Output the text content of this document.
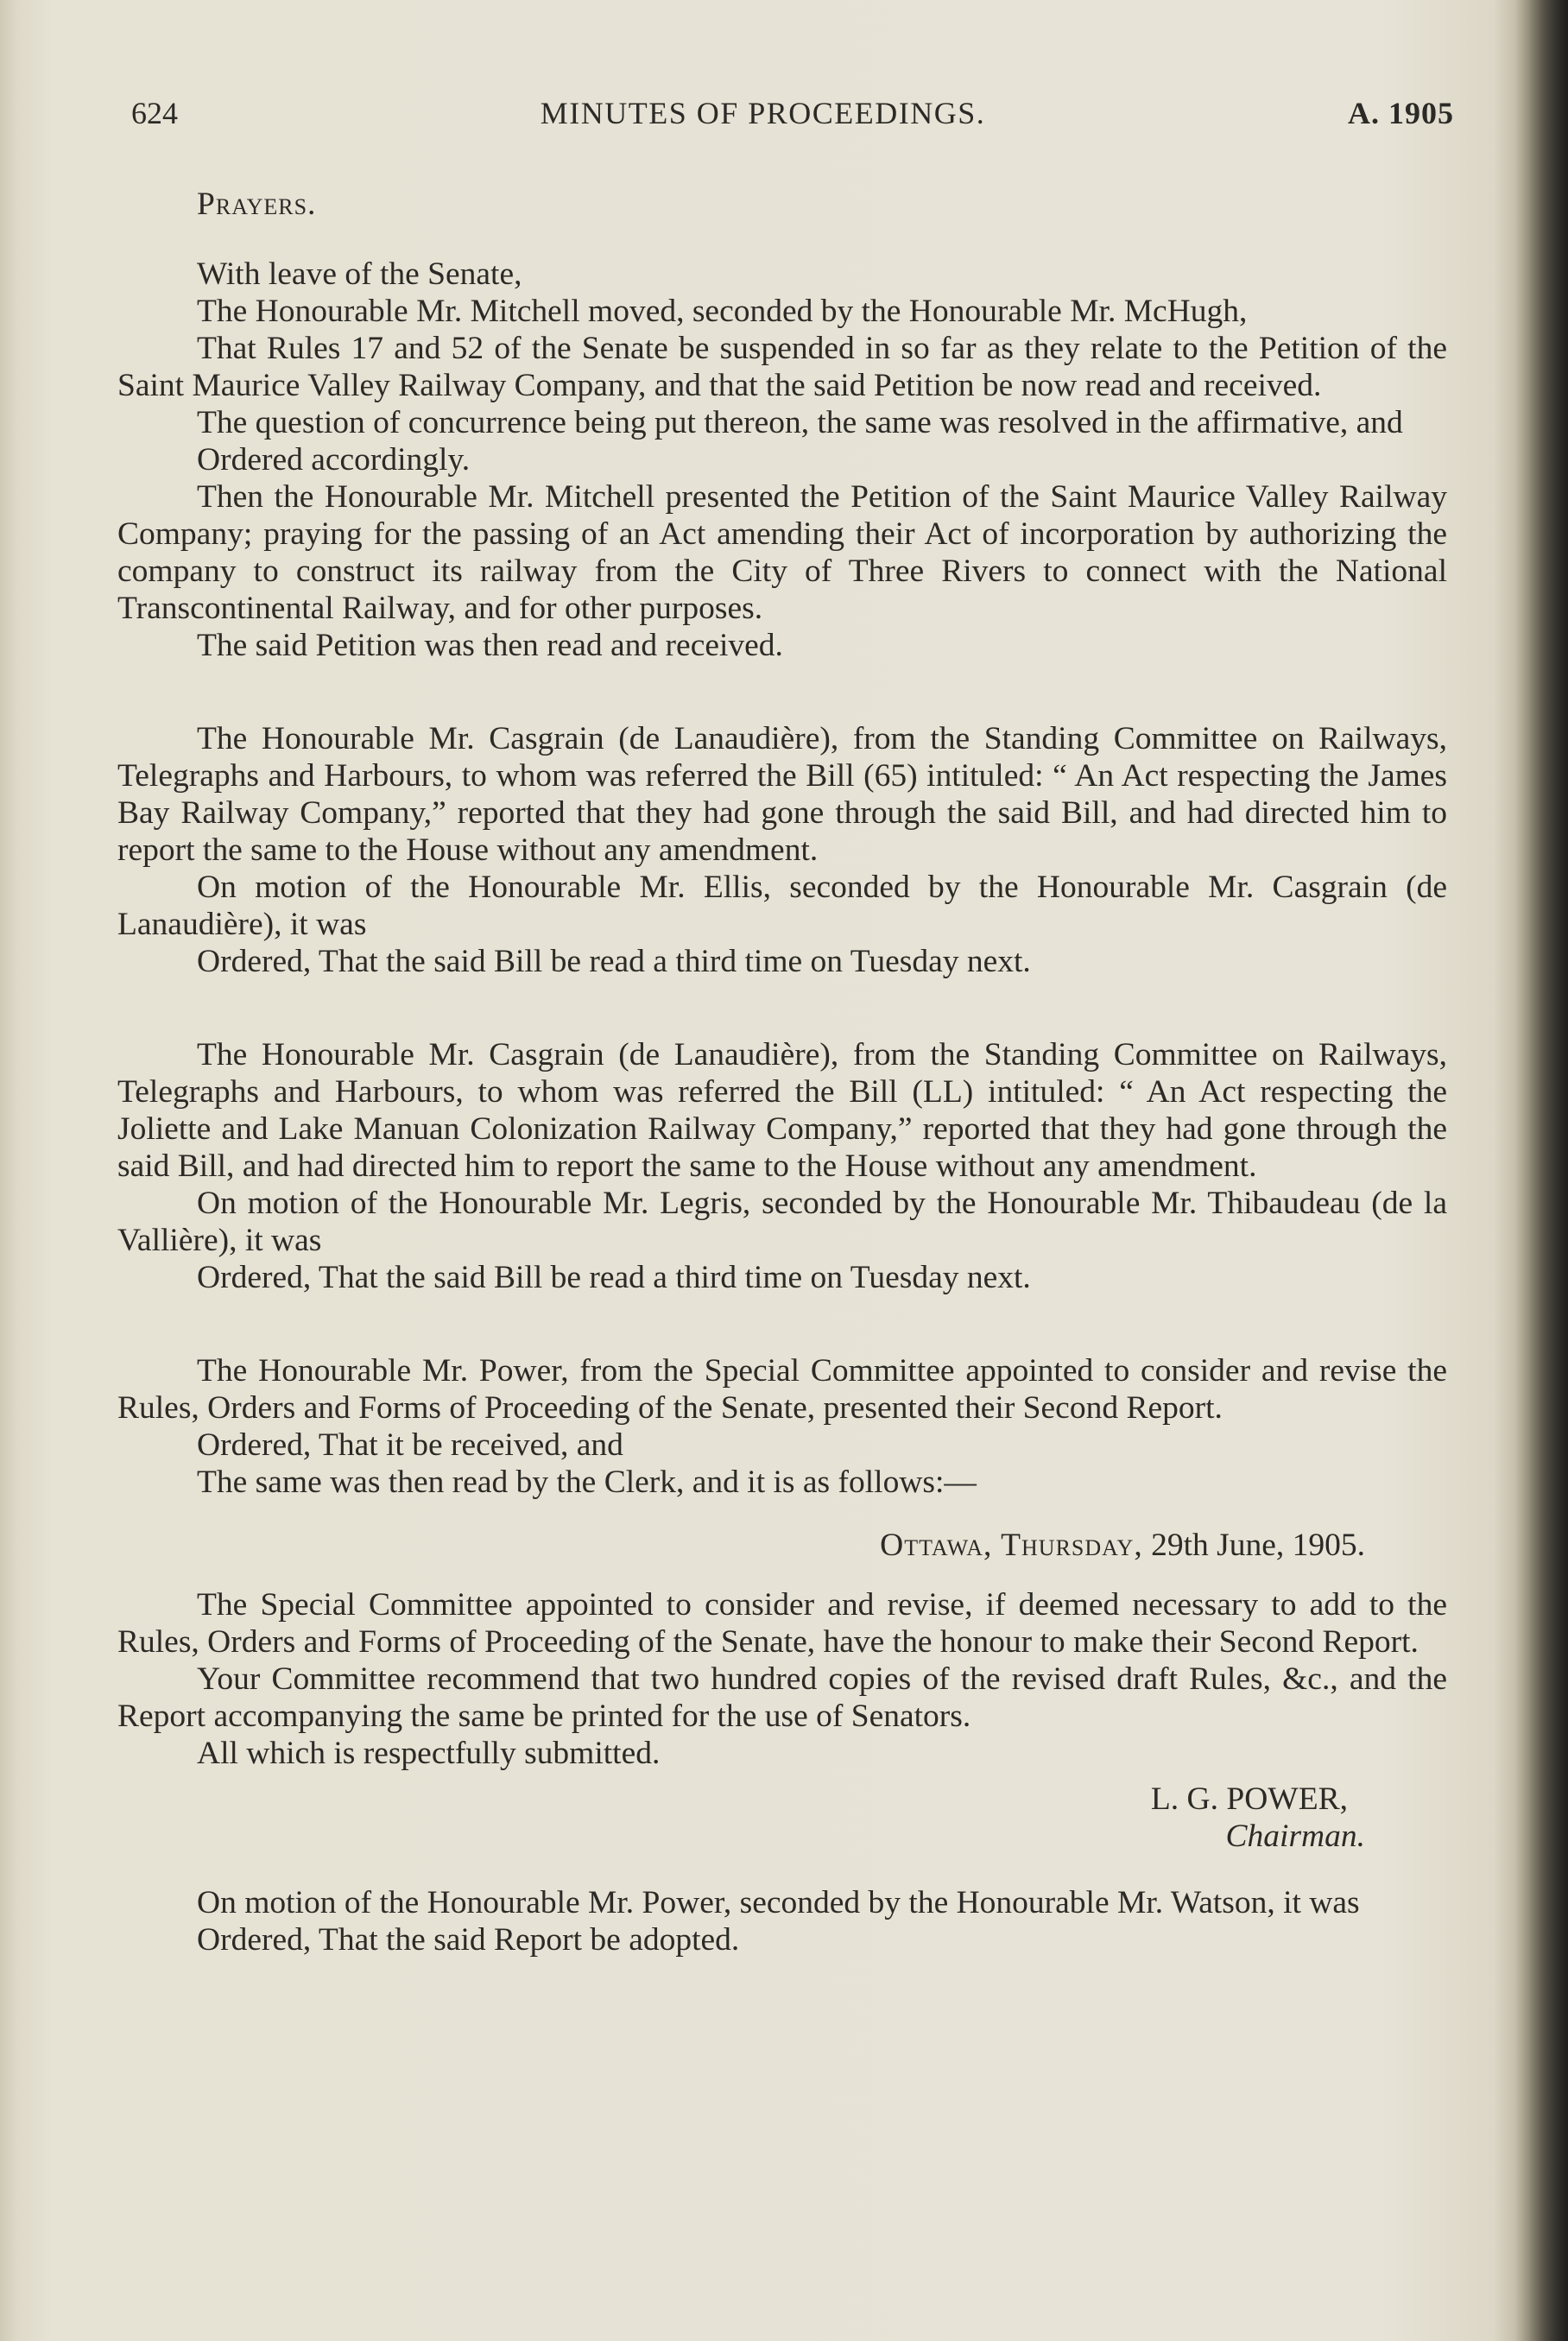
624	MINUTES OF PROCEEDINGS.	A. 1905

Prayers.

With leave of the Senate,

The Honourable Mr. Mitchell moved, seconded by the Honourable Mr. McHugh,

That Rules 17 and 52 of the Senate be suspended in so far as they relate to the Petition of the Saint Maurice Valley Railway Company, and that the said Petition be now read and received.

The question of concurrence being put thereon, the same was resolved in the affirmative, and

Ordered accordingly.

Then the Honourable Mr. Mitchell presented the Petition of the Saint Maurice Valley Railway Company; praying for the passing of an Act amending their Act of incorporation by authorizing the company to construct its railway from the City of Three Rivers to connect with the National Transcontinental Railway, and for other purposes.

The said Petition was then read and received.

The Honourable Mr. Casgrain (de Lanaudière), from the Standing Committee on Railways, Telegraphs and Harbours, to whom was referred the Bill (65) intituled: “ An Act respecting the James Bay Railway Company,” reported that they had gone through the said Bill, and had directed him to report the same to the House without any amendment.

On motion of the Honourable Mr. Ellis, seconded by the Honourable Mr. Casgrain (de Lanaudière), it was

Ordered, That the said Bill be read a third time on Tuesday next.

The Honourable Mr. Casgrain (de Lanaudière), from the Standing Committee on Railways, Telegraphs and Harbours, to whom was referred the Bill (LL) intituled: “ An Act respecting the Joliette and Lake Manuan Colonization Railway Company,” reported that they had gone through the said Bill, and had directed him to report the same to the House without any amendment.

On motion of the Honourable Mr. Legris, seconded by the Honourable Mr. Thibaudeau (de la Vallière), it was

Ordered, That the said Bill be read a third time on Tuesday next.

The Honourable Mr. Power, from the Special Committee appointed to consider and revise the Rules, Orders and Forms of Proceeding of the Senate, presented their Second Report.

Ordered, That it be received, and

The same was then read by the Clerk, and it is as follows:—

Ottawa, Thursday, 29th June, 1905.

The Special Committee appointed to consider and revise, if deemed necessary to add to the Rules, Orders and Forms of Proceeding of the Senate, have the honour to make their Second Report.

Your Committee recommend that two hundred copies of the revised draft Rules, &c., and the Report accompanying the same be printed for the use of Senators.

All which is respectfully submitted.

L. G. POWER,

Chairman.

On motion of the Honourable Mr. Power, seconded by the Honourable Mr. Watson, it was

Ordered, That the said Report be adopted.
